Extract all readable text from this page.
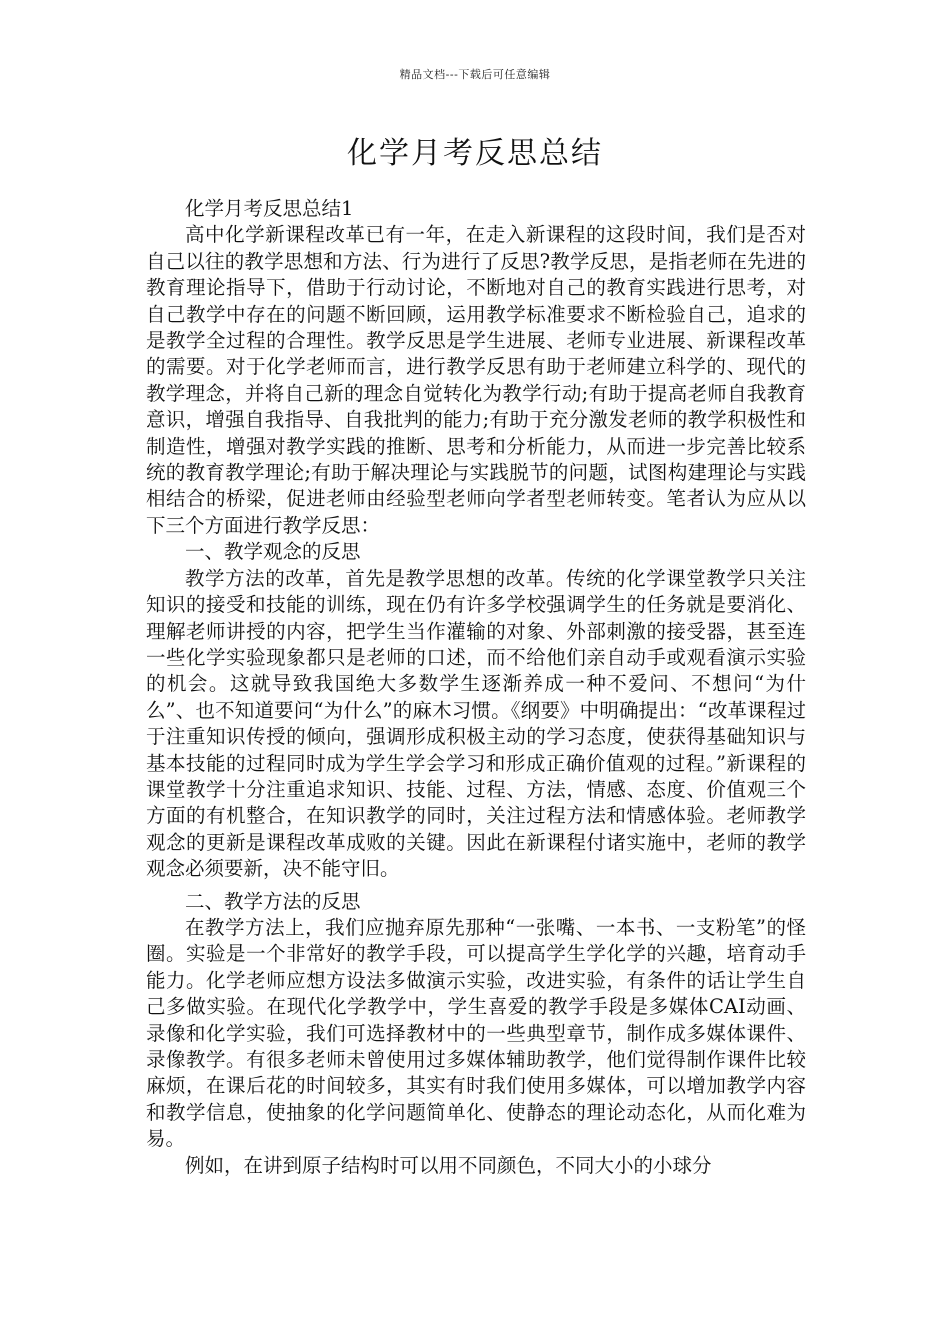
精品文档---下载后可任意编辑
化学月考反思总结

化学月考反思总结1

高中化学新课程改革已有一年，在走入新课程的这段时间，我们是否对自己以往的教学思想和方法、行为进行了反思?教学反思，是指老师在先进的教育理论指导下，借助于行动讨论，不断地对自己的教育实践进行思考，对自己教学中存在的问题不断回顾，运用教学标准要求不断检验自己，追求的是教学全过程的合理性。教学反思是学生进展、老师专业进展、新课程改革的需要。对于化学老师而言，进行教学反思有助于老师建立科学的、现代的教学理念，并将自己新的理念自觉转化为教学行动;有助于提高老师自我教育意识，增强自我指导、自我批判的能力;有助于充分激发老师的教学积极性和制造性，增强对教学实践的推断、思考和分析能力，从而进一步完善比较系统的教育教学理论;有助于解决理论与实践脱节的问题，试图构建理论与实践相结合的桥梁，促进老师由经验型老师向学者型老师转变。笔者认为应从以下三个方面进行教学反思：

一、教学观念的反思

教学方法的改革，首先是教学思想的改革。传统的化学课堂教学只关注知识的接受和技能的训练，现在仍有许多学校强调学生的任务就是要消化、理解老师讲授的内容，把学生当作灌输的对象、外部刺激的接受器，甚至连一些化学实验现象都只是老师的口述，而不给他们亲自动手或观看演示实验的机会。这就导致我国绝大多数学生逐渐养成一种不爱问、不想问“为什么”、也不知道要问“为什么”的麻木习惯。《纲要》中明确提出：“改革课程过于注重知识传授的倾向，强调形成积极主动的学习态度，使获得基础知识与基本技能的过程同时成为学生学会学习和形成正确价值观的过程。”新课程的课堂教学十分注重追求知识、技能、过程、方法，情感、态度、价值观三个方面的有机整合，在知识教学的同时，关注过程方法和情感体验。老师教学观念的更新是课程改革成败的关键。因此在新课程付诸实施中，老师的教学观念必须要新，决不能守旧。

二、教学方法的反思

在教学方法上，我们应抛弃原先那种“一张嘴、一本书、一支粉笔”的怪圈。实验是一个非常好的教学手段，可以提高学生学化学的兴趣，培育动手能力。化学老师应想方设法多做演示实验，改进实验，有条件的话让学生自己多做实验。在现代化学教学中，学生喜爱的教学手段是多媒体CAI动画、录像和化学实验，我们可选择教材中的一些典型章节，制作成多媒体课件、录像教学。有很多老师未曾使用过多媒体辅助教学，他们觉得制作课件比较麻烦，在课后花的时间较多，其实有时我们使用多媒体，可以增加教学内容和教学信息，使抽象的化学问题简单化、使静态的理论动态化，从而化难为易。

例如，在讲到原子结构时可以用不同颜色，不同大小的小球分
